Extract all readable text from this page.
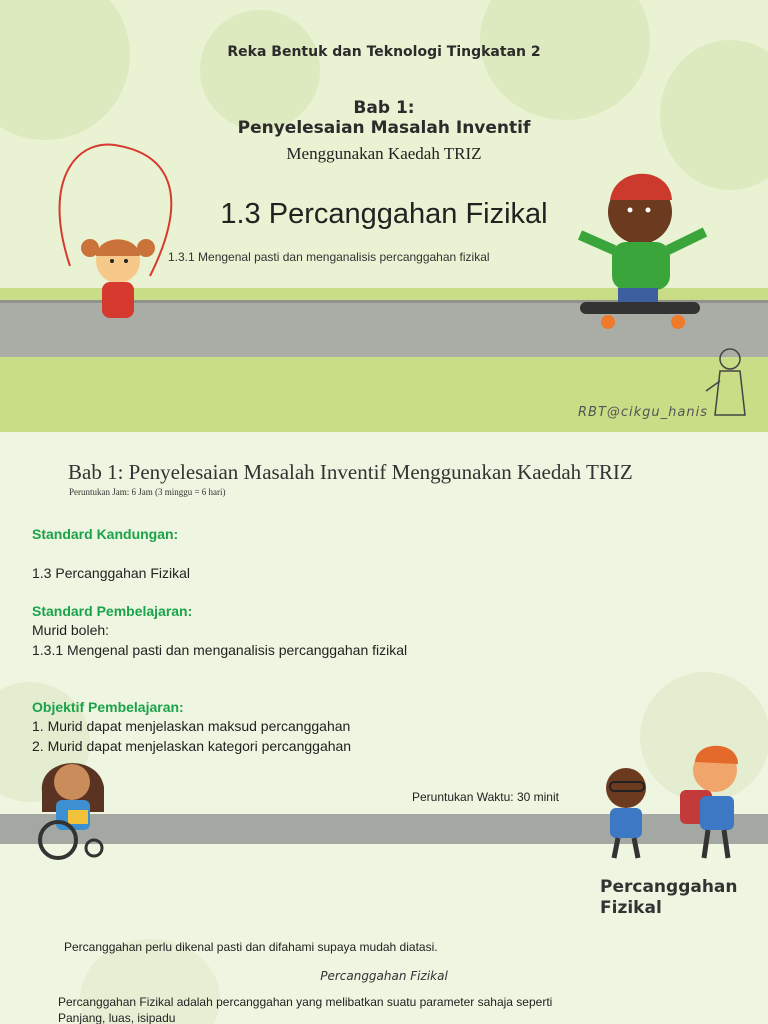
Reka Bentuk dan Teknologi Tingkatan 2
Bab 1:
Penyelesaian Masalah Inventif
Menggunakan Kaedah TRIZ
1.3 Percanggahan Fizikal
1.3.1 Mengenal pasti dan menganalisis percanggahan fizikal
RBT@cikgu_hanis
Bab 1: Penyelesaian Masalah Inventif Menggunakan Kaedah TRIZ
Peruntukan Jam: 6 Jam (3 minggu = 6 hari)
Standard Kandungan:
1.3 Percanggahan Fizikal
Standard Pembelajaran:
Murid boleh:
1.3.1 Mengenal pasti dan menganalisis percanggahan fizikal
Objektif Pembelajaran:
1. Murid dapat menjelaskan maksud percanggahan
2. Murid dapat menjelaskan kategori percanggahan
Peruntukan Waktu: 30 minit
Percanggahan
Fizikal
Percanggahan perlu dikenal pasti dan difahami supaya mudah diatasi.
Percanggahan Fizikal
Percanggahan Fizikal adalah percanggahan yang melibatkan suatu parameter sahaja seperti
Panjang, luas, isipadu
